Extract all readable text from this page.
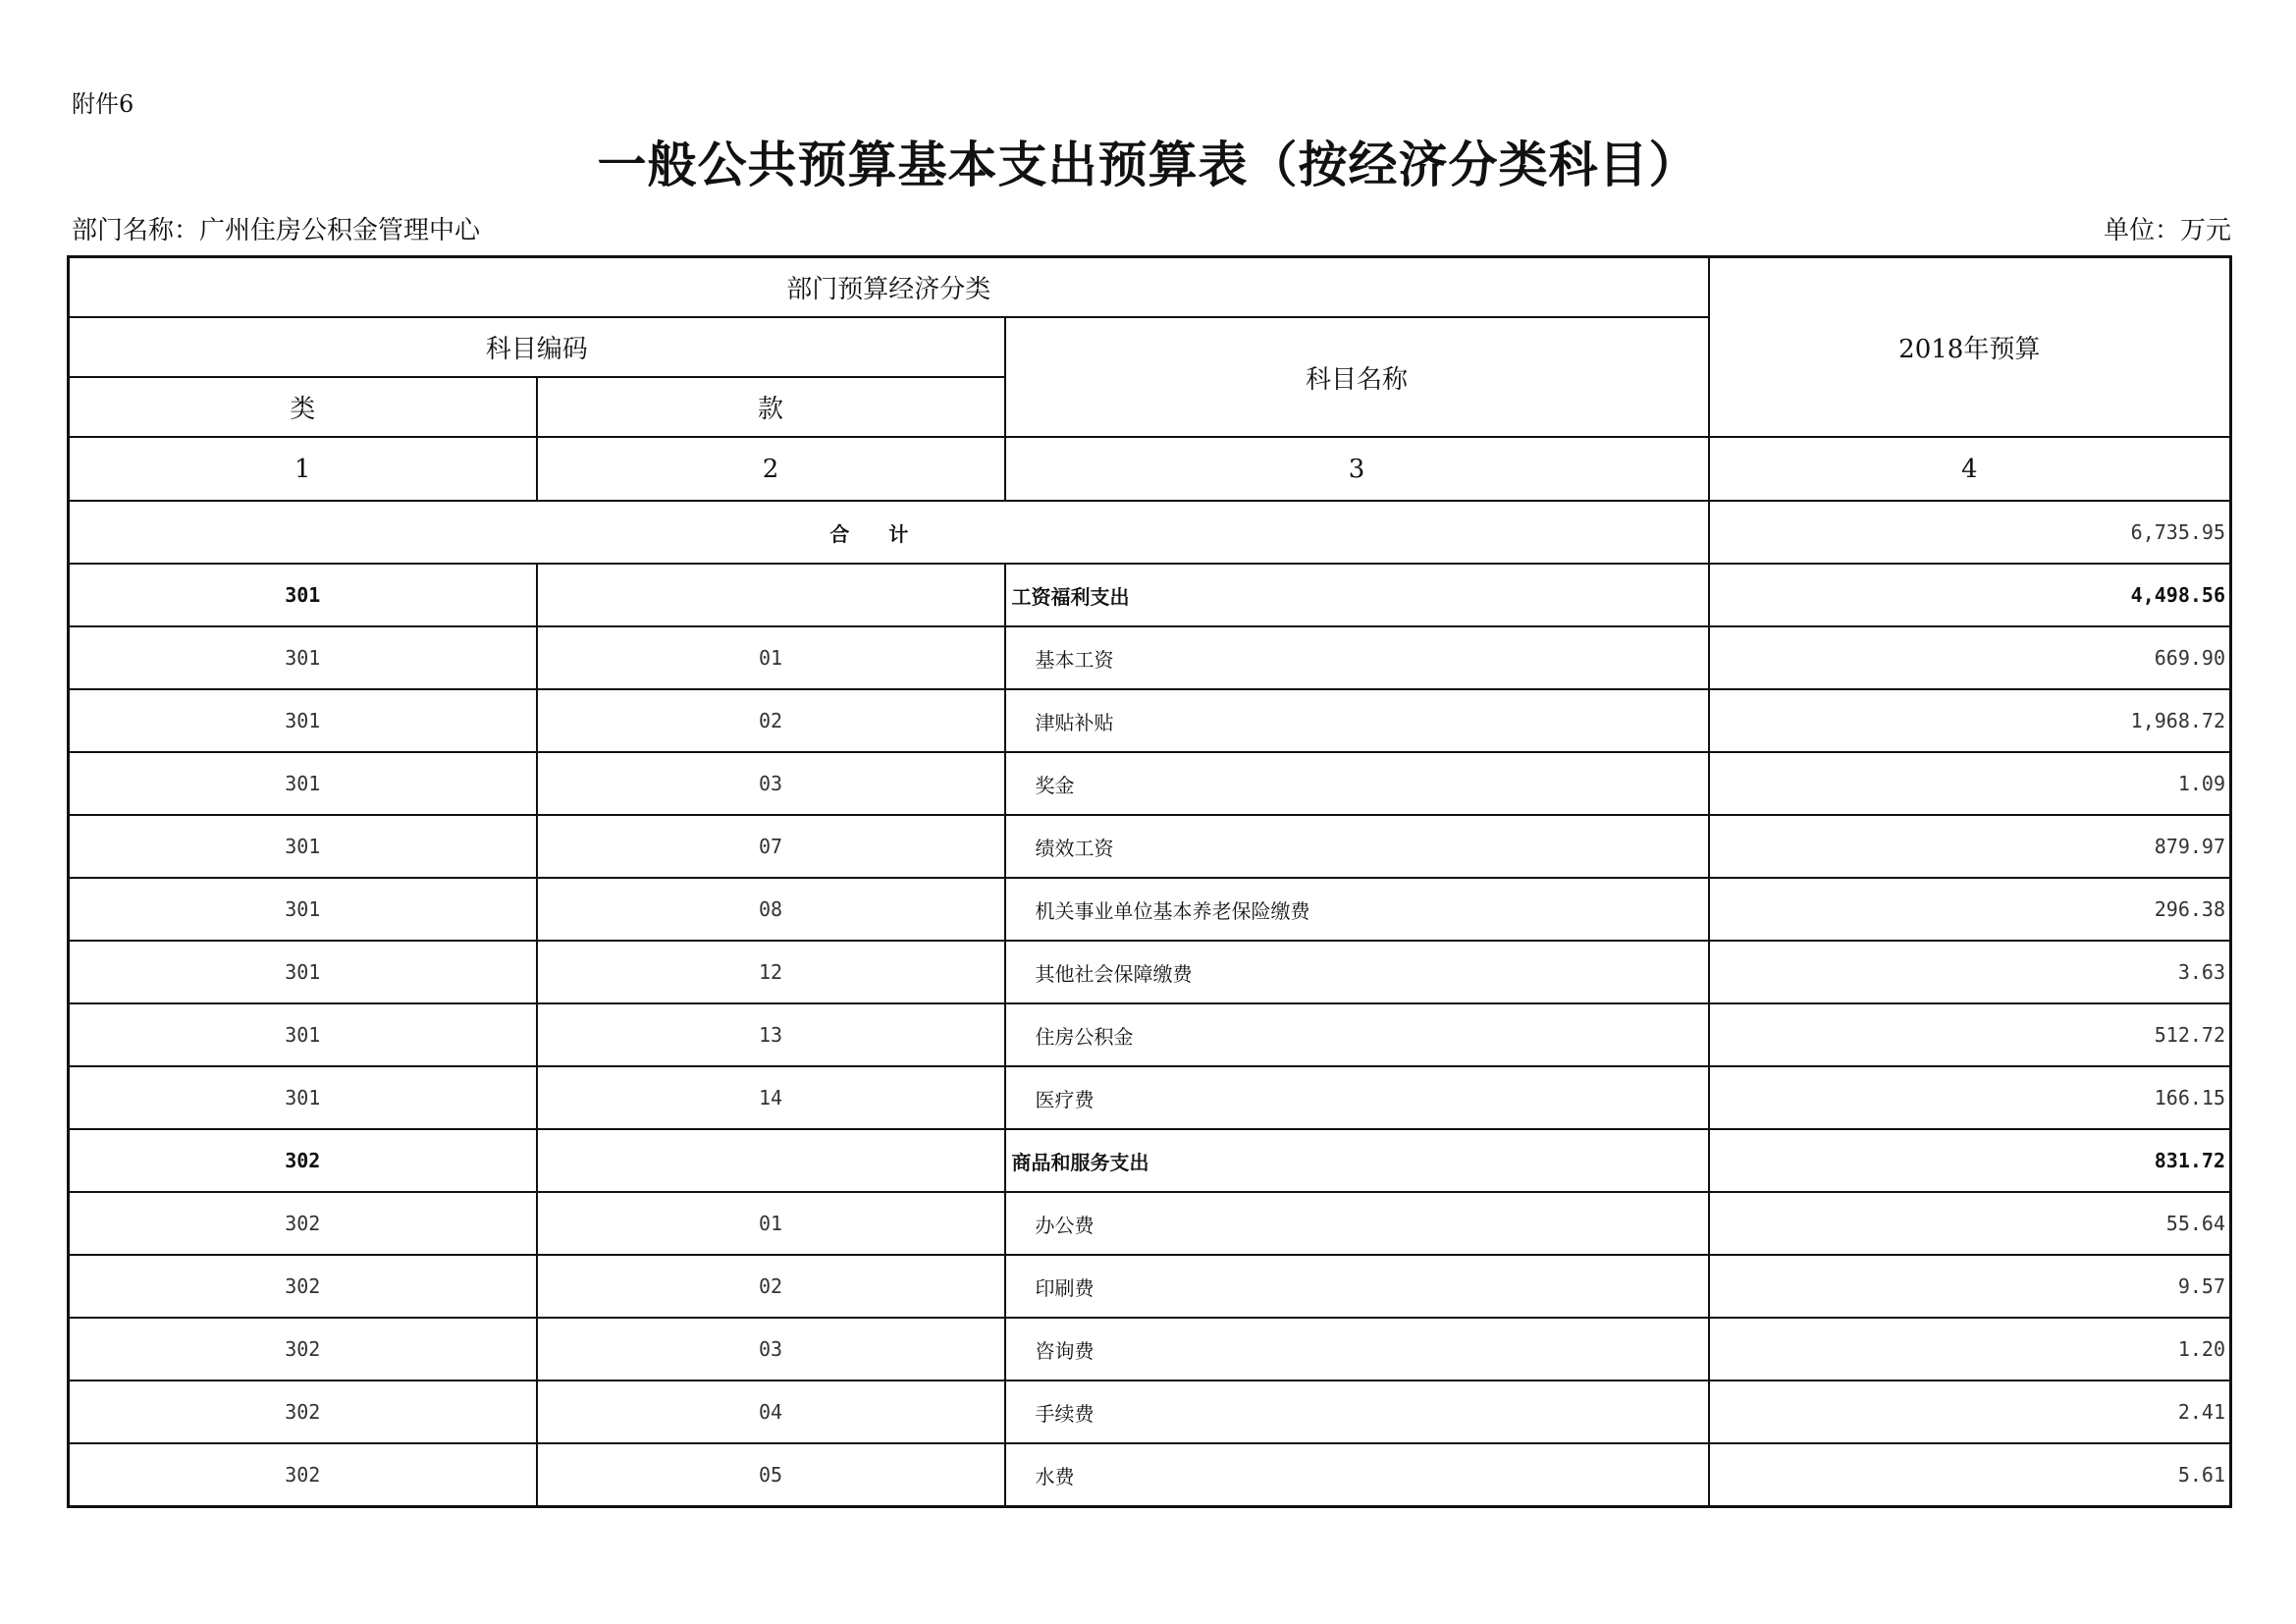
附件6
一般公共预算基本支出预算表（按经济分类科目）
部门名称：广州住房公积金管理中心	单位：万元
部门预算经济分类			2018年预算
科目编码		科目名称	
类	款		
1	2	3	4
合计			6,735.95
301		工资福利支出	4,498.56
301	01	基本工资	669.90
301	02	津贴补贴	1,968.72
301	03	奖金	1.09
301	07	绩效工资	879.97
301	08	机关事业单位基本养老保险缴费	296.38
301	12	其他社会保障缴费	3.63
301	13	住房公积金	512.72
301	14	医疗费	166.15
302		商品和服务支出	831.72
302	01	办公费	55.64
302	02	印刷费	9.57
302	03	咨询费	1.20
302	04	手续费	2.41
302	05	水费	5.61
